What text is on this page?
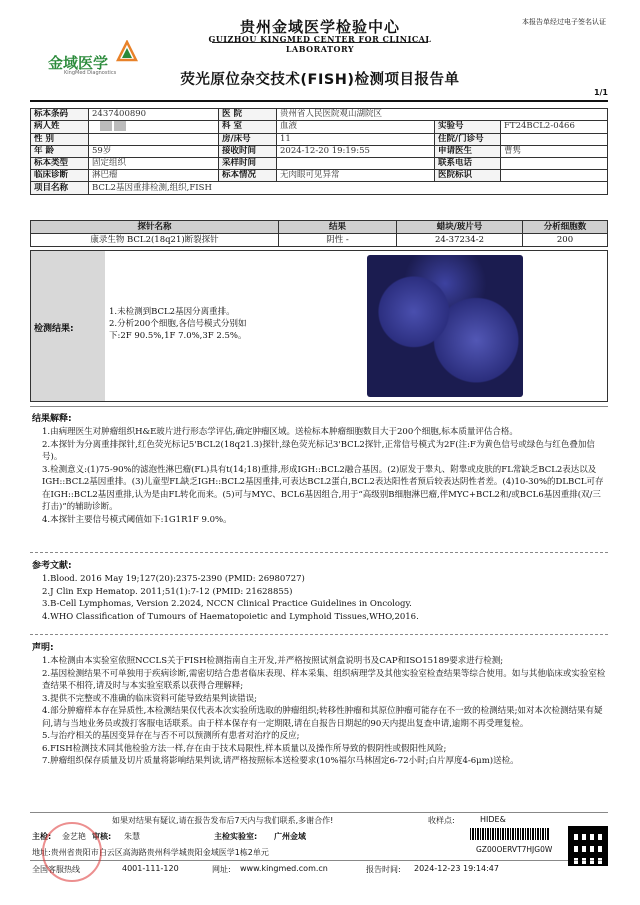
金域医学
KingMed Diagnostics
贵州金域医学检验中心
GUIZHOU KINGMED CENTER FOR CLINICAL
LABORATORY
本报告单经过电子签名认证
荧光原位杂交技术(FISH)检测项目报告单
1/1
标本条码	2437400890	医 院	贵州省人民医院观山湖院区		
病人姓		科 室	血液	实验号	FT24BCL2-0466
性 别		房/床号	11	住院/门诊号	
年 龄	59岁	接收时间	2024-12-20 19:19:55	申请医生	曹隽
标本类型	固定组织	采样时间		联系电话	
临床诊断	淋巴瘤	标本情况	无肉眼可见异常	医院标识	
项目名称	BCL2基因重排检测,组织,FISH				
探针名称	结果	蜡块/玻片号	分析细胞数
康录生物 BCL2(18q21)断裂探针	阴性 -	24-37234-2	200
检测结果:
1.未检测到BCL2基因分离重排。
2.分析200个细胞,各信号模式分别如
下:2F 90.5%,1F 7.0%,3F 2.5%。
结果解释:
1.由病理医生对肿瘤组织H&E玻片进行形态学评估,确定肿瘤区域。送检标本肿瘤细胞数目大于200个细胞,标本质量评估合格。
2.本探针为分离重排探针,红色荧光标记5'BCL2(18q21.3)探针,绿色荧光标记3'BCL2探针,正常信号模式为2F(注:F为黄色信号或绿色与红色叠加信号)。
3.检测意义:(1)75-90%的滤泡性淋巴瘤(FL)具有t(14;18)重排,形成IGH::BCL2融合基因。(2)原发于睾丸、附睾或皮肤的FL常缺乏BCL2表达以及IGH::BCL2基因重排。(3)儿童型FL缺乏IGH::BCL2基因重排,可表达BCL2蛋白,BCL2表达阳性者预后较表达阴性者差。(4)10-30%的DLBCL可存在IGH::BCL2基因重排,认为是由FL转化而来。(5)可与MYC、BCL6基因组合,用于“高级别B细胞淋巴瘤,伴MYC+BCL2和/或BCL6基因重排(双/三打击)”的辅助诊断。
4.本探针主要信号模式阈值如下:1G1R1F 9.0%。
参考文献:
1.Blood. 2016 May 19;127(20):2375-2390 (PMID: 26980727)
2.J Clin Exp Hematop. 2011;51(1):7-12 (PMID: 21628855)
3.B-Cell Lymphomas, Version 2.2024, NCCN Clinical Practice Guidelines in Oncology.
4.WHO Classification of Tumours of Haematopoietic and Lymphoid Tissues,WHO,2016.
声明:
1.本检测由本实验室依照NCCLS关于FISH检测指南自主开发,并严格按照试剂盒说明书及CAP和ISO15189要求进行检测;
2.基因检测结果不可单独用于疾病诊断,需密切结合患者临床表现、样本采集、组织病理学及其他实验室检查结果等综合使用。如与其他临床或实验室检查结果不相符,请及时与本实验室联系以获得合理解释;
3.提供不完整或不准确的临床资料可能导致结果判读错误;
4.部分肿瘤样本存在异质性,本检测结果仅代表本次实验所选取的肿瘤组织;转移性肿瘤和其原位肿瘤可能存在不一致的检测结果;如对本次检测结果有疑问,请与当地业务员或拨打客服电话联系。由于样本保存有一定期限,请在自报告日期起的90天内提出复查申请,逾期不再受理复检。
5.与治疗相关的基因变异存在与否不可以预测所有患者对治疗的反应;
6.FISH检测技术同其他检验方法一样,存在由于技术局限性,样本质量以及操作所导致的假阴性或假阳性风险;
7.肿瘤组织保存质量及切片质量将影响结果判读,请严格按照标本送检要求(10%福尔马林固定6-72小时;白片厚度4-6μm)送检。
如果对结果有疑议,请在报告发布后7天内与我们联系,多谢合作!	收样点:	HIDE&
主检: 金艺艳 审核: 朱慧	主检实验室: 广州金域
地址:贵州省贵阳市白云区高海路贵州科学城贵阳金域医学1栋2单元	GZ00OERVT7HJG0W
全国客服热线	4001-111-120	网址: www.kingmed.com.cn	报告时间: 2024-12-23 19:14:47
